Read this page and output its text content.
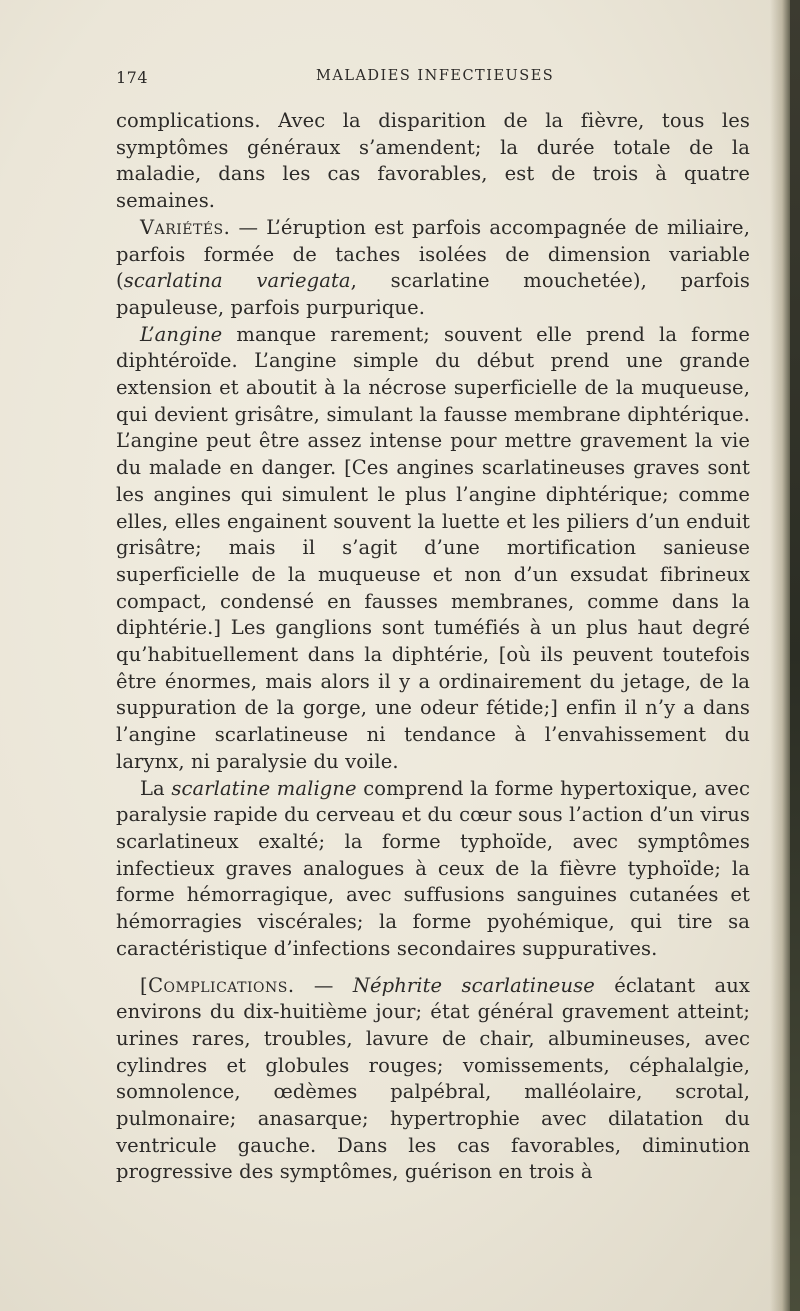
174	MALADIES INFECTIEUSES

complications. Avec la disparition de la fièvre, tous les symptômes généraux s’amendent; la durée totale de la maladie, dans les cas favorables, est de trois à quatre semaines.

Variétés. — L’éruption est parfois accompagnée de miliaire, parfois formée de taches isolées de dimension variable (scarlatina variegata, scarlatine mouchetée), parfois papuleuse, parfois purpurique.

L’angine manque rarement; souvent elle prend la forme diphtéroïde. L’angine simple du début prend une grande extension et aboutit à la nécrose superficielle de la muqueuse, qui devient grisâtre, simulant la fausse membrane diphtérique. L’angine peut être assez intense pour mettre gravement la vie du malade en danger. [Ces angines scarlatineuses graves sont les angines qui simulent le plus l’angine diphtérique; comme elles, elles engainent souvent la luette et les piliers d’un enduit grisâtre; mais il s’agit d’une mortification sanieuse superficielle de la muqueuse et non d’un exsudat fibrineux compact, condensé en fausses membranes, comme dans la diphtérie.] Les ganglions sont tuméfiés à un plus haut degré qu’habituellement dans la diphtérie, [où ils peuvent toutefois être énormes, mais alors il y a ordinairement du jetage, de la suppuration de la gorge, une odeur fétide;] enfin il n’y a dans l’angine scarlatineuse ni tendance à l’envahissement du larynx, ni paralysie du voile.

La scarlatine maligne comprend la forme hypertoxique, avec paralysie rapide du cerveau et du cœur sous l’action d’un virus scarlatineux exalté; la forme typhoïde, avec symptômes infectieux graves analogues à ceux de la fièvre typhoïde; la forme hémorragique, avec suffusions sanguines cutanées et hémorragies viscérales; la forme pyohémique, qui tire sa caractéristique d’infections secondaires suppuratives.

[Complications. — Néphrite scarlatineuse éclatant aux environs du dix-huitième jour; état général gravement atteint; urines rares, troubles, lavure de chair, albumineuses, avec cylindres et globules rouges; vomissements, céphalalgie, somnolence, œdèmes palpébral, malléolaire, scrotal, pulmonaire; anasarque; hypertrophie avec dilatation du ventricule gauche. Dans les cas favorables, diminution progressive des symptômes, guérison en trois à
